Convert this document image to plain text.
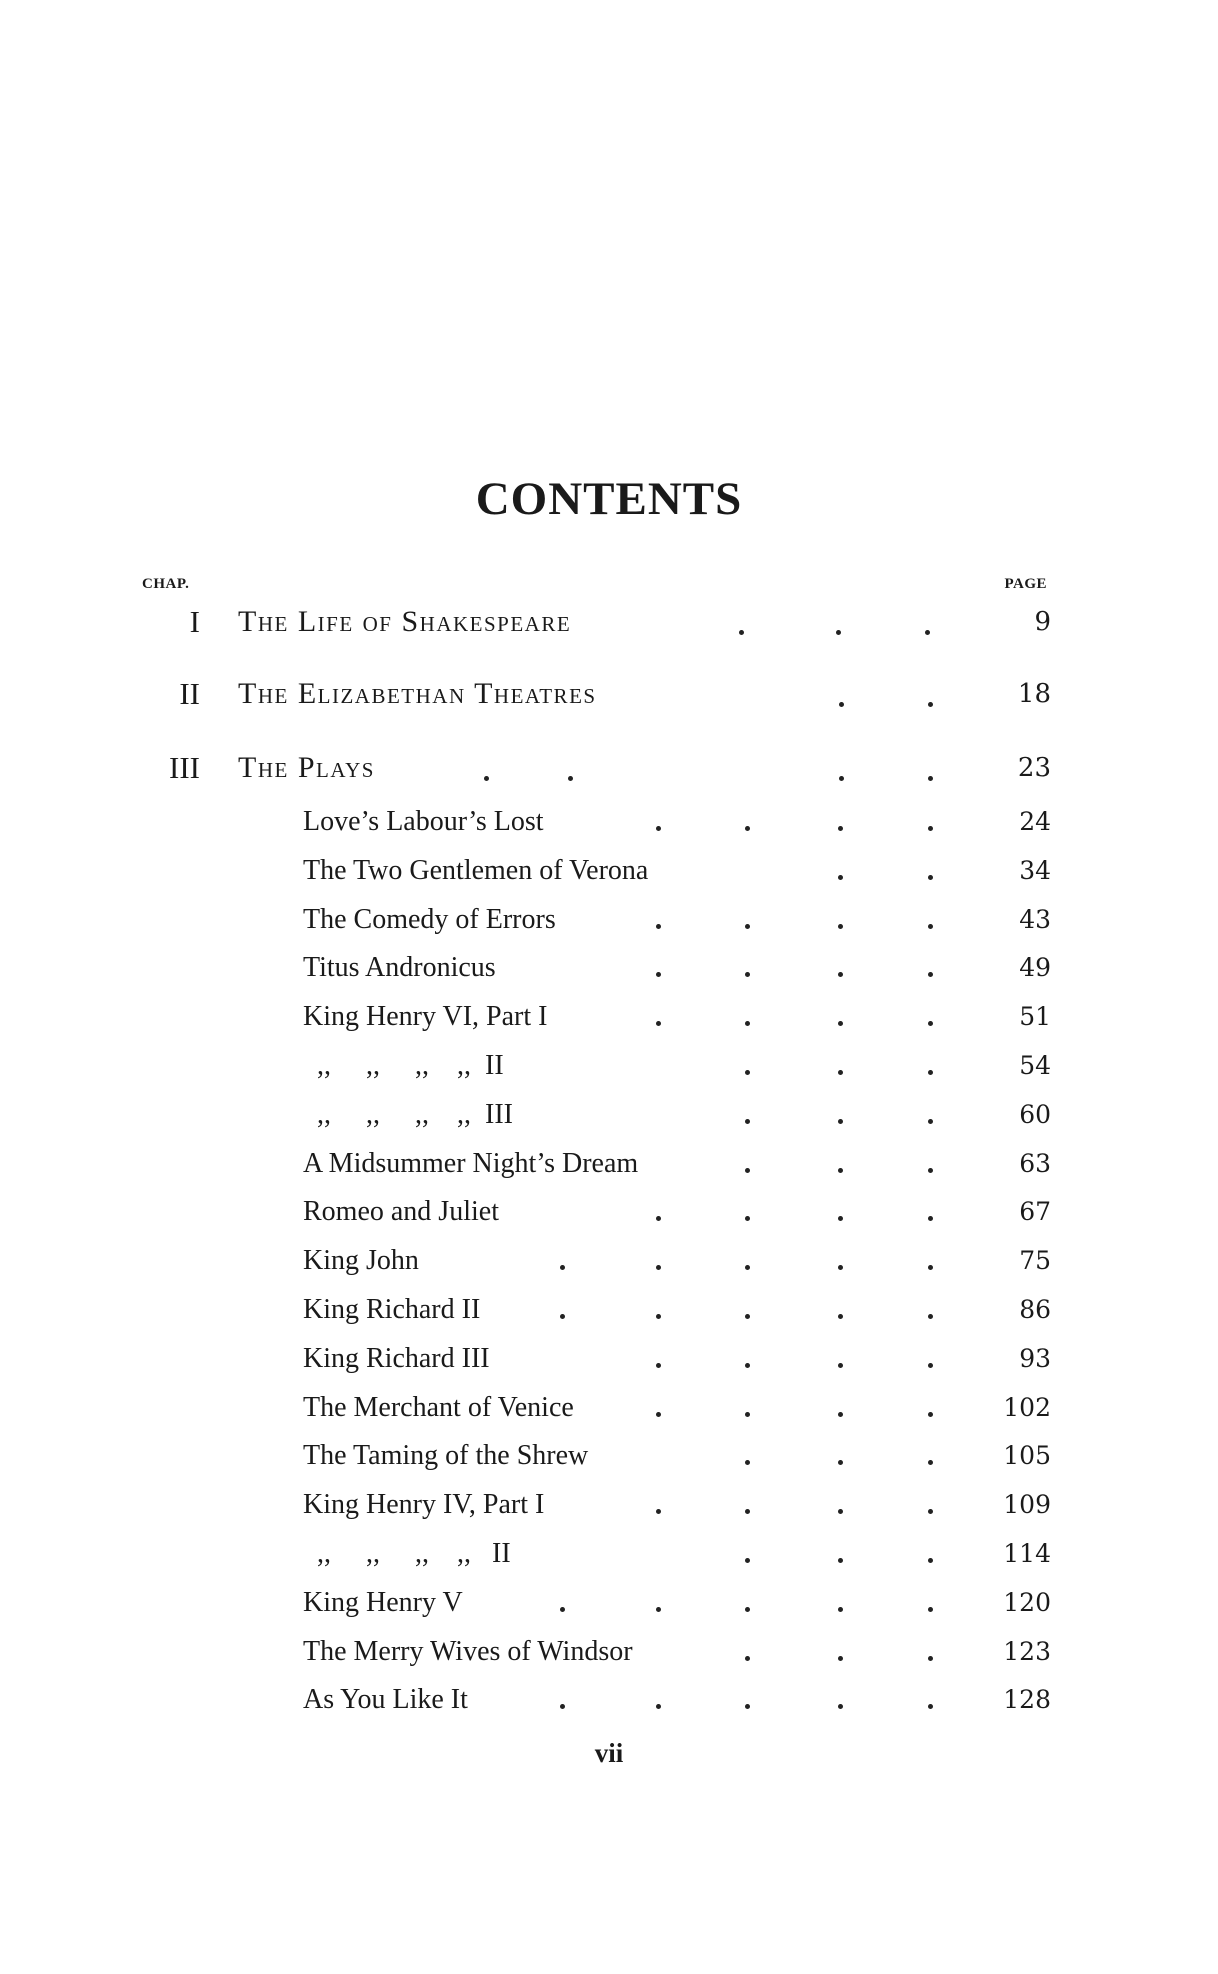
CONTENTS
CHAP.	PAGE
I The Life of Shakespeare	9
II The Elizabethan Theatres	18
III The Plays	23
Love’s Labour’s Lost	24
The Two Gentlemen of Verona	34
The Comedy of Errors	43
Titus Andronicus	49
King Henry VI, Part I	51
,,     ,,     ,,    ,,  II	54
,,     ,,     ,,    ,,  III	60
A Midsummer Night’s Dream	63
Romeo and Juliet	67
King John	75
King Richard II	86
King Richard III	93
The Merchant of Venice	102
The Taming of the Shrew	105
King Henry IV, Part I	109
,,     ,,     ,,    ,,   II	114
King Henry V	120
The Merry Wives of Windsor	123
As You Like It	128
vii
